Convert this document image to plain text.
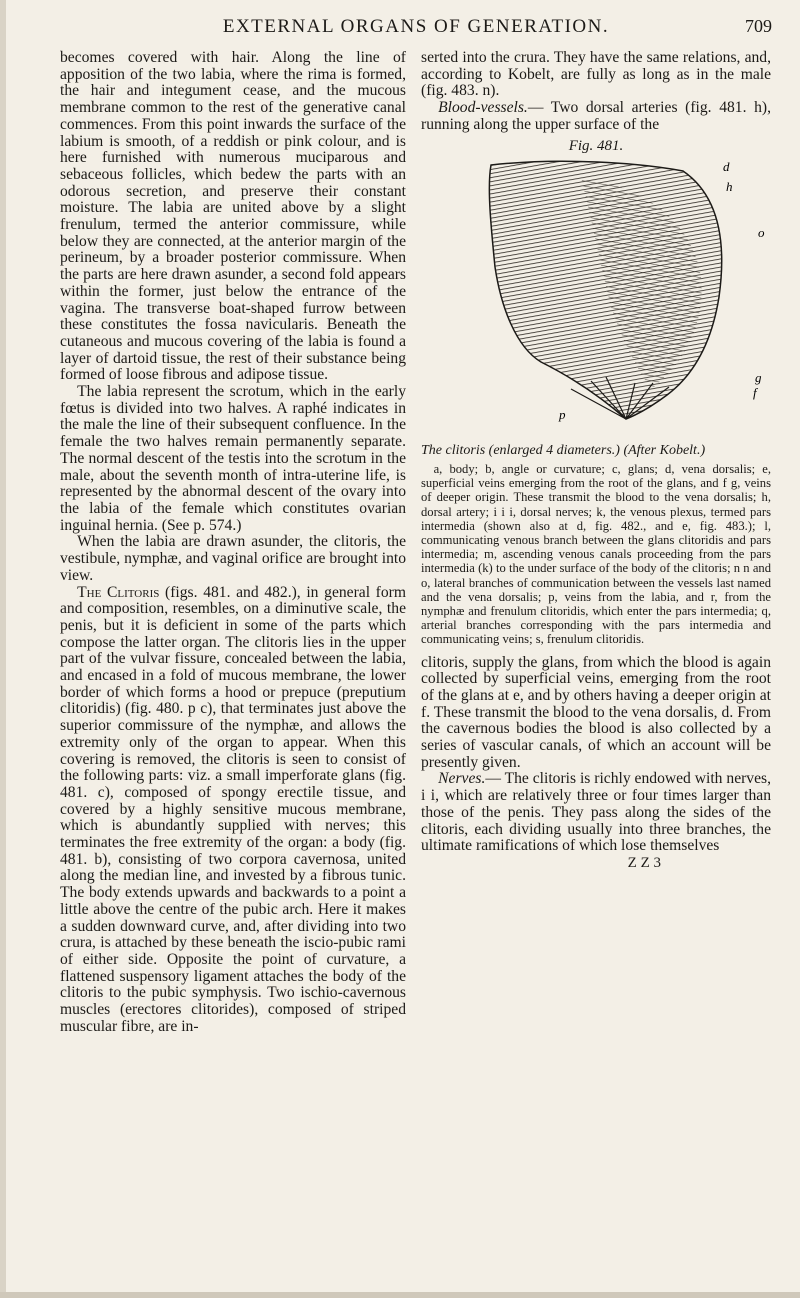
EXTERNAL ORGANS OF GENERATION.	709

becomes covered with hair. Along the line of apposition of the two labia, where the rima is formed, the hair and integument cease, and the mucous membrane common to the rest of the generative canal commences. From this point inwards the surface of the labium is smooth, of a reddish or pink colour, and is here furnished with numerous muciparous and sebaceous follicles, which bedew the parts with an odorous secretion, and preserve their constant moisture. The labia are united above by a slight frenulum, termed the anterior commissure, while below they are connected, at the anterior margin of the perineum, by a broader posterior commissure. When the parts are here drawn asunder, a second fold appears within the former, just below the entrance of the vagina. The transverse boat-shaped furrow between these constitutes the fossa navicularis. Beneath the cutaneous and mucous covering of the labia is found a layer of dartoid tissue, the rest of their substance being formed of loose fibrous and adipose tissue.

The labia represent the scrotum, which in the early fœtus is divided into two halves. A raphé indicates in the male the line of their subsequent confluence. In the female the two halves remain permanently separate. The normal descent of the testis into the scrotum in the male, about the seventh month of intra-uterine life, is represented by the abnormal descent of the ovary into the labia of the female which constitutes ovarian inguinal hernia. (See p. 574.)

When the labia are drawn asunder, the clitoris, the vestibule, nymphæ, and vaginal orifice are brought into view.

The Clitoris (figs. 481. and 482.), in general form and composition, resembles, on a diminutive scale, the penis, but it is deficient in some of the parts which compose the latter organ. The clitoris lies in the upper part of the vulvar fissure, concealed between the labia, and encased in a fold of mucous membrane, the lower border of which forms a hood or prepuce (preputium clitoridis) (fig. 480. p c), that terminates just above the superior commissure of the nymphæ, and allows the extremity only of the organ to appear. When this covering is removed, the clitoris is seen to consist of the following parts: viz. a small imperforate glans (fig. 481. c), composed of spongy erectile tissue, and covered by a highly sensitive mucous membrane, which is abundantly supplied with nerves; this terminates the free extremity of the organ: a body (fig. 481. b), consisting of two corpora cavernosa, united along the median line, and invested by a fibrous tunic. The body extends upwards and backwards to a point a little above the centre of the pubic arch. Here it makes a sudden downward curve, and, after dividing into two crura, is attached by these beneath the iscio-pubic rami of either side. Opposite the point of curvature, a flattened suspensory ligament attaches the body of the clitoris to the pubic symphysis. Two ischio-cavernous muscles (erectores clitorides), composed of striped muscular fibre, are in-

serted into the crura. They have the same relations, and, according to Kobelt, are fully as long as in the male (fig. 483. n).

Blood-vessels.— Two dorsal arteries (fig. 481. h), running along the upper surface of the

Fig. 481.
d
h
o
g
f
p
The clitoris (enlarged 4 diameters.) (After Kobelt.)
a, body; b, angle or curvature; c, glans; d, vena dorsalis; e, superficial veins emerging from the root of the glans, and f g, veins of deeper origin. These transmit the blood to the vena dorsalis; h, dorsal artery; i i i, dorsal nerves; k, the venous plexus, termed pars intermedia (shown also at d, fig. 482., and e, fig. 483.); l, communicating venous branch between the glans clitoridis and pars intermedia; m, ascending venous canals proceeding from the pars intermedia (k) to the under surface of the body of the clitoris; n n and o, lateral branches of communication between the vessels last named and the vena dorsalis; p, veins from the labia, and r, from the nymphæ and frenulum clitoridis, which enter the pars intermedia; q, arterial branches corresponding with the pars intermedia and communicating veins; s, frenulum clitoridis.

clitoris, supply the glans, from which the blood is again collected by superficial veins, emerging from the root of the glans at e, and by others having a deeper origin at f. These transmit the blood to the vena dorsalis, d. From the cavernous bodies the blood is also collected by a series of vascular canals, of which an account will be presently given.

Nerves.— The clitoris is richly endowed with nerves, i i, which are relatively three or four times larger than those of the penis. They pass along the sides of the clitoris, each dividing usually into three branches, the ultimate ramifications of which lose themselves

Z Z 3
